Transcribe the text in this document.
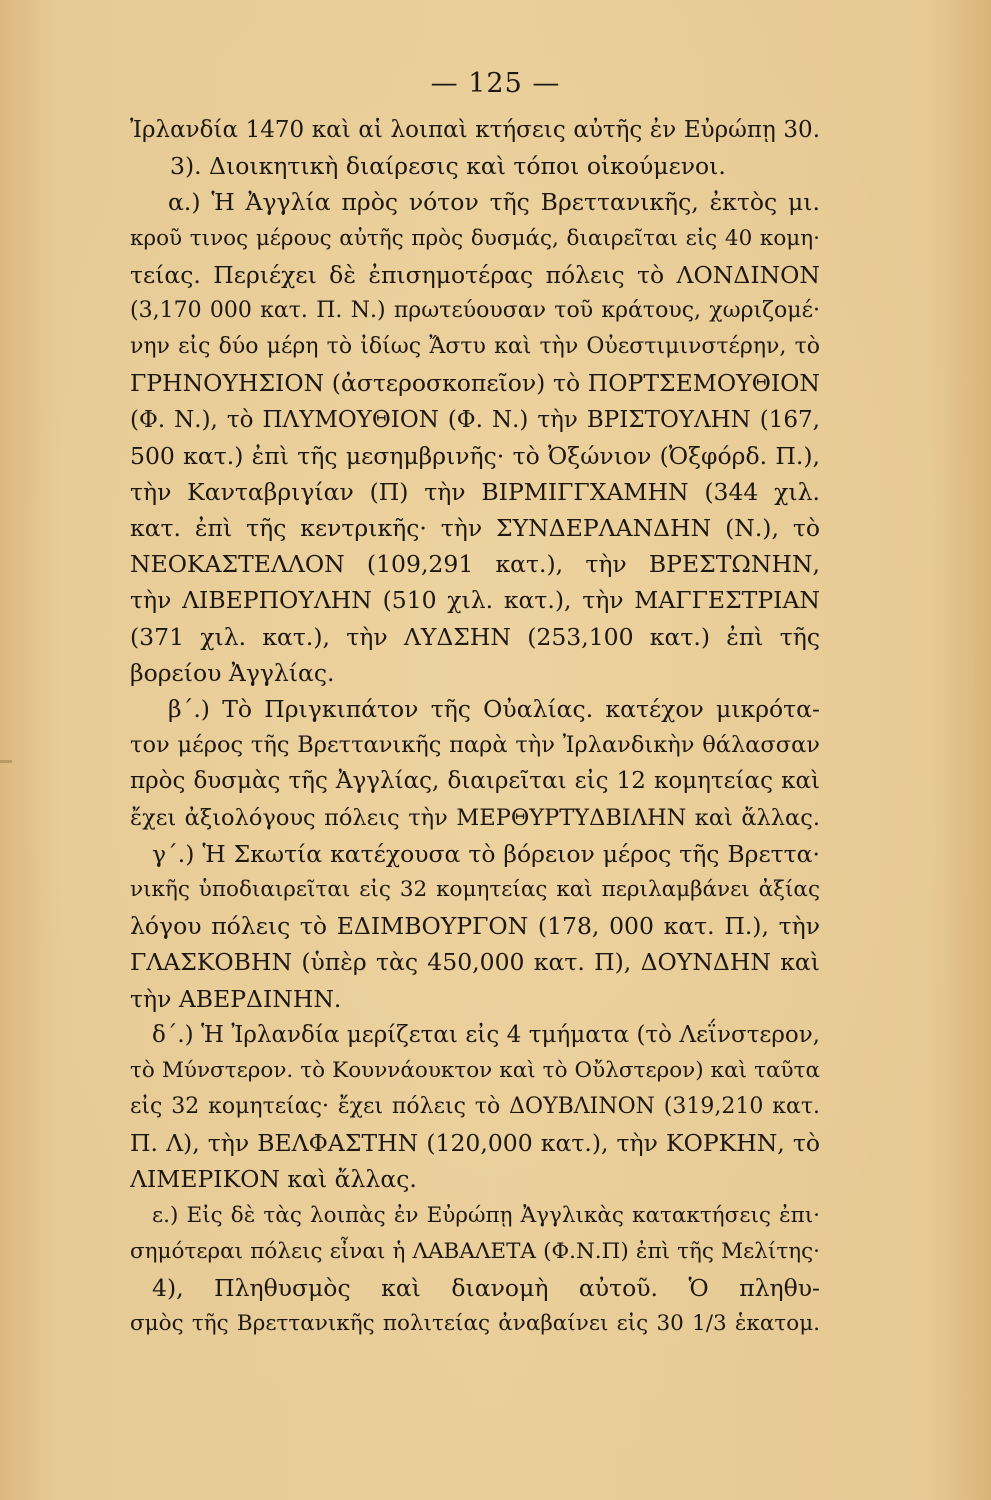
— 125 —
Ἰρλανδία 1470 καὶ αἱ λοιπαὶ κτήσεις αὐτῆς ἐν Εὐρώπῃ 30.
3). Διοικητικὴ διαίρεσις καὶ τόποι οἰκούμενοι.
α.) Ἡ Ἀγγλία πρὸς νότον τῆς Βρεττανικῆς, ἐκτὸς μι.
κροῦ τινος μέρους αὐτῆς πρὸς δυσμάς, διαιρεῖται εἰς 40 κομη·
τείας. Περιέχει δὲ ἐπισημοτέρας πόλεις τὸ ΛΟΝΔΙΝΟΝ
(3,170 000 κατ. Π. Ν.) πρωτεύουσαν τοῦ κράτους, χωριζομέ·
νην εἰς δύο μέρη τὸ ἰδίως Ἄστυ καὶ τὴν Οὐεστιμινστέρην, τὸ
ΓΡΗΝΟΥΗΣΙΟΝ (ἀστεροσκοπεῖον) τὸ ΠΟΡΤΣΕΜΟΥΘΙΟΝ
(Φ. Ν.), τὸ ΠΛΥΜΟΥΘΙΟΝ (Φ. Ν.) τὴν ΒΡΙΣΤΟΥΛΗΝ (167,
500 κατ.) ἐπὶ τῆς μεσημβρινῆς· τὸ Ὀξώνιον (Ὀξφόρδ. Π.),
τὴν Κανταβριγίαν (Π) τὴν ΒΙΡΜΙΓΓΧΑΜΗΝ (344 χιλ.
κατ. ἐπὶ τῆς κεντρικῆς· τὴν ΣΥΝΔΕΡΛΑΝΔΗΝ (Ν.), τὸ
ΝΕΟΚΑΣΤΕΛΛΟΝ (109,291 κατ.), τὴν ΒΡΕΣΤΩΝΗΝ,
τὴν ΛΙΒΕΡΠΟΥΛΗΝ (510 χιλ. κατ.), τὴν ΜΑΓΓΕΣΤΡΙΑΝ
(371 χιλ. κατ.), τὴν ΛΥΔΣΗΝ (253,100 κατ.) ἐπὶ τῆς
βορείου Ἀγγλίας.
β΄.) Τὸ Πριγκιπάτον τῆς Οὐαλίας. κατέχον μικρότα-
τον μέρος τῆς Βρεττανικῆς παρὰ τὴν Ἰρλανδικὴν θάλασσαν
πρὸς δυσμὰς τῆς Ἀγγλίας, διαιρεῖται εἰς 12 κομητείας καὶ
ἔχει ἀξιολόγους πόλεις τὴν ΜΕΡΘΥΡΤΥΔΒΙΛΗΝ καὶ ἄλλας.
γ΄.) Ἡ Σκωτία κατέχουσα τὸ βόρειον μέρος τῆς Βρεττα·
νικῆς ὑποδιαιρεῖται εἰς 32 κομητείας καὶ περιλαμβάνει ἀξίας
λόγου πόλεις τὸ ΕΔΙΜΒΟΥΡΓΟΝ (178, 000 κατ. Π.), τὴν
ΓΛΑΣΚΟΒΗΝ (ὑπὲρ τὰς 450,000 κατ. Π), ΔΟΥΝΔΗΝ καὶ
τὴν ΑΒΕΡΔΙΝΗΝ.
δ΄.) Ἡ Ἰρλανδία μερίζεται εἰς 4 τμήματα (τὸ Λεΐνστερον,
τὸ Μύνστερον. τὸ Κουννάουκτον καὶ τὸ Οὔλστερον) καὶ ταῦτα
εἰς 32 κομητείας· ἔχει πόλεις τὸ ΔΟΥΒΛΙΝΟΝ (319,210 κατ.
Π. Λ), τὴν ΒΕΛΦΑΣΤΗΝ (120,000 κατ.), τὴν ΚΟΡΚΗΝ, τὸ
ΛΙΜΕΡΙΚΟΝ καὶ ἄλλας.
ε.) Εἰς δὲ τὰς λοιπὰς ἐν Εὐρώπῃ Ἀγγλικὰς κατακτήσεις ἐπι·
σημότεραι πόλεις εἶναι ἡ ΛΑΒΑΛΕΤΑ (Φ.Ν.Π) ἐπὶ τῆς Μελίτης·
4), Πληθυσμὸς καὶ διανομὴ αὐτοῦ. Ὁ πληθυ-
σμὸς τῆς Βρεττανικῆς πολιτείας ἀναβαίνει εἰς 30 1/3 ἑκατομ.
